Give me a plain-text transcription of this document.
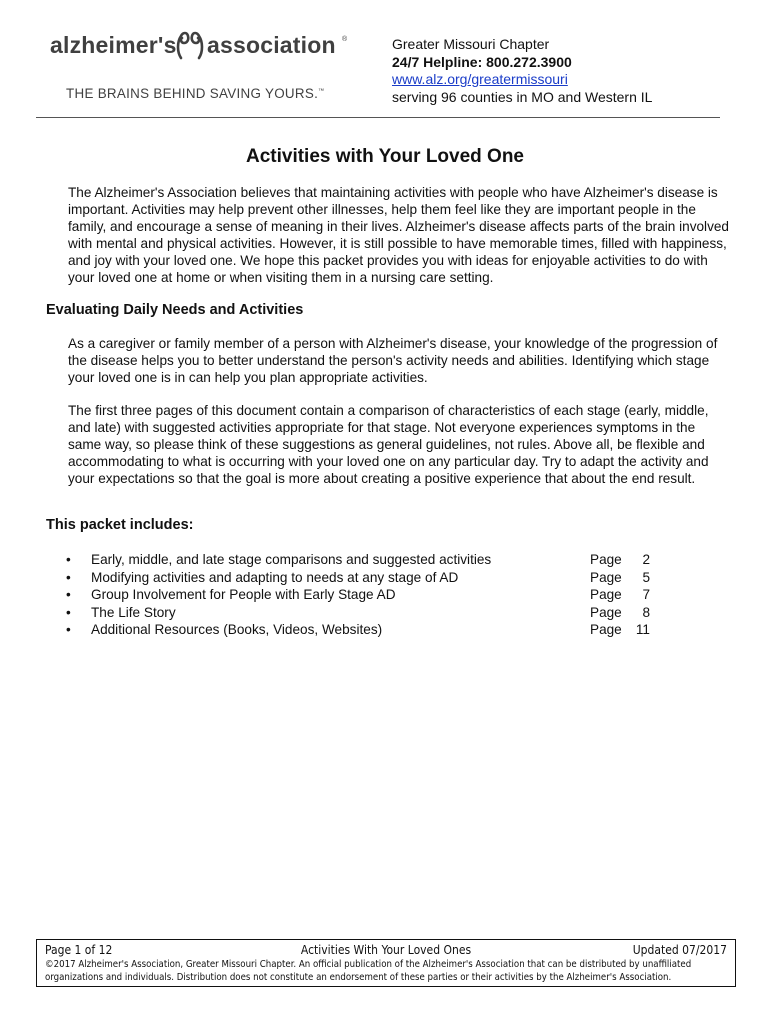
alzheimer's association ®
THE BRAINS BEHIND SAVING YOURS.™
Greater Missouri Chapter
24/7 Helpline: 800.272.3900
www.alz.org/greatermissouri
serving 96 counties in MO and Western IL
Activities with Your Loved One

The Alzheimer's Association believes that maintaining activities with people who have Alzheimer's disease is important. Activities may help prevent other illnesses, help them feel like they are important people in the family, and encourage a sense of meaning in their lives. Alzheimer's disease affects parts of the brain involved with mental and physical activities. However, it is still possible to have memorable times, filled with happiness, and joy with your loved one. We hope this packet provides you with ideas for enjoyable activities to do with your loved one at home or when visiting them in a nursing care setting.

Evaluating Daily Needs and Activities

As a caregiver or family member of a person with Alzheimer's disease, your knowledge of the progression of the disease helps you to better understand the person's activity needs and abilities. Identifying which stage your loved one is in can help you plan appropriate activities.

The first three pages of this document contain a comparison of characteristics of each stage (early, middle, and late) with suggested activities appropriate for that stage. Not everyone experiences symptoms in the same way, so please think of these suggestions as general guidelines, not rules. Above all, be flexible and accommodating to what is occurring with your loved one on any particular day. Try to adapt the activity and your expectations so that the goal is more about creating a positive experience that about the end result.

This packet includes:
• Early, middle, and late stage comparisons and suggested activities	Page	2
• Modifying activities and adapting to needs at any stage of AD	Page	5
• Group Involvement for People with Early Stage AD	Page	7
• The Life Story	Page	8
• Additional Resources (Books, Videos, Websites)	Page	11
Activities With Your Loved Ones
Page 1 of 12	Updated 07/2017
©2017 Alzheimer's Association, Greater Missouri Chapter. An official publication of the Alzheimer's Association that can be distributed by unaffiliated organizations and individuals. Distribution does not constitute an endorsement of these parties or their activities by the Alzheimer's Association.
